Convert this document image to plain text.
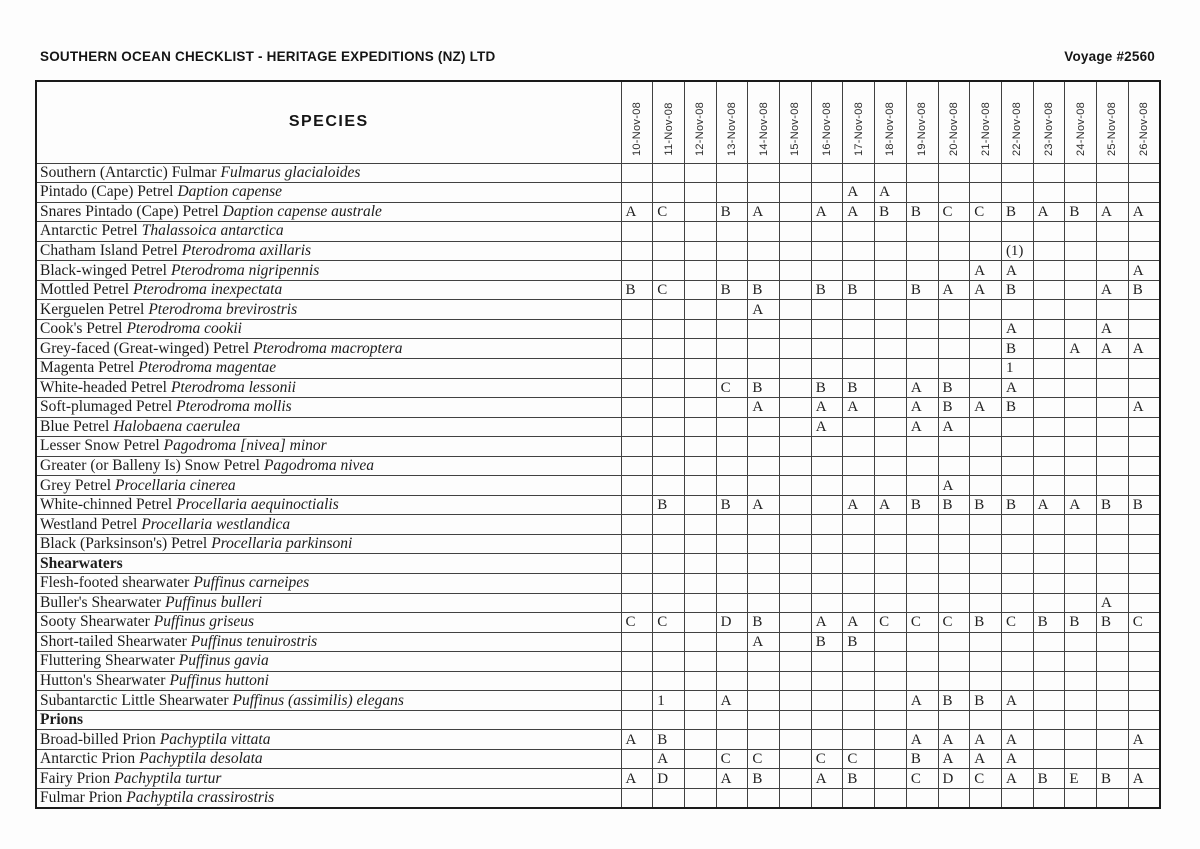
SOUTHERN OCEAN CHECKLIST - HERITAGE EXPEDITIONS (NZ) LTD	Voyage #2560
SPECIES	10-Nov-08	11-Nov-08	12-Nov-08	13-Nov-08	14-Nov-08	15-Nov-08	16-Nov-08	17-Nov-08	18-Nov-08	19-Nov-08	20-Nov-08	21-Nov-08	22-Nov-08	23-Nov-08	24-Nov-08	25-Nov-08	26-Nov-08

Southern (Antarctic) Fulmar Fulmarus glacialoides																	
Pintado (Cape) Petrel Daption capense								A	A								
Snares Pintado (Cape) Petrel Daption capense australe	A	C		B	A		A	A	B	B	C	C	B	A	B	A	A
Antarctic Petrel Thalassoica antarctica																	
Chatham Island Petrel Pterodroma axillaris													(1)				
Black-winged Petrel Pterodroma nigripennis												A	A				A
Mottled Petrel Pterodroma inexpectata	B	C		B	B		B	B		B	A	A	B			A	B
Kerguelen Petrel Pterodroma brevirostris					A												
Cook's Petrel Pterodroma cookii													A			A	
Grey-faced (Great-winged) Petrel Pterodroma macroptera													B		A	A	A
Magenta Petrel Pterodroma magentae													1				
White-headed Petrel Pterodroma lessonii				C	B		B	B		A	B		A				
Soft-plumaged Petrel Pterodroma mollis					A		A	A		A	B	A	B				A
Blue Petrel Halobaena caerulea							A			A	A						
Lesser Snow Petrel Pagodroma [nivea] minor																	
Greater (or Balleny Is) Snow Petrel Pagodroma nivea																	
Grey Petrel Procellaria cinerea											A						
White-chinned Petrel Procellaria aequinoctialis		B		B	A			A	A	B	B	B	B	A	A	B	B
Westland Petrel Procellaria westlandica																	
Black (Parksinson's) Petrel Procellaria parkinsoni																	
Shearwaters																	
Flesh-footed shearwater Puffinus carneipes																	
Buller's Shearwater Puffinus bulleri																A	
Sooty Shearwater Puffinus griseus	C	C		D	B		A	A	C	C	C	B	C	B	B	B	C
Short-tailed Shearwater Puffinus tenuirostris					A		B	B									
Fluttering Shearwater Puffinus gavia																	
Hutton's Shearwater Puffinus huttoni																	
Subantarctic Little Shearwater Puffinus (assimilis) elegans		1		A						A	B	B	A				
Prions																	
Broad-billed Prion Pachyptila vittata	A	B								A	A	A	A				A
Antarctic Prion Pachyptila desolata		A		C	C		C	C		B	A	A	A				
Fairy Prion Pachyptila turtur	A	D		A	B		A	B		C	D	C	A	B	E	B	A
Fulmar Prion Pachyptila crassirostris																	
